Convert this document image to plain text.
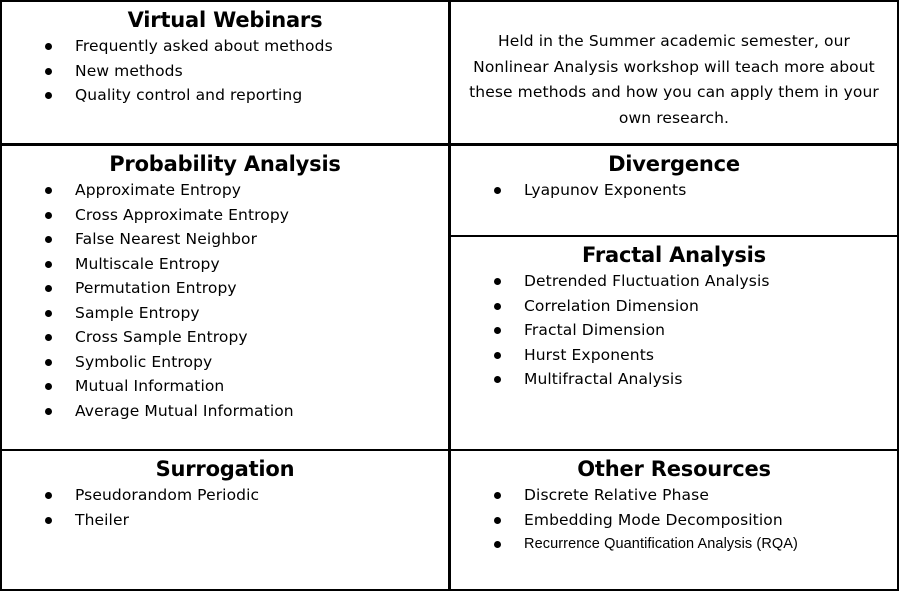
Virtual Webinars
Frequently asked about methods
New methods
Quality control and reporting
Held in the Summer academic semester, our Nonlinear Analysis workshop will teach more about these methods and how you can apply them in your own research.
Probability Analysis
Approximate Entropy
Cross Approximate Entropy
False Nearest Neighbor
Multiscale Entropy
Permutation Entropy
Sample Entropy
Cross Sample Entropy
Symbolic Entropy
Mutual Information
Average Mutual Information
Divergence
Lyapunov Exponents
Fractal Analysis
Detrended Fluctuation Analysis
Correlation Dimension
Fractal Dimension
Hurst Exponents
Multifractal Analysis
Surrogation
Pseudorandom Periodic
Theiler
Other Resources
Discrete Relative Phase
Embedding Mode Decomposition
Recurrence Quantification Analysis (RQA)
